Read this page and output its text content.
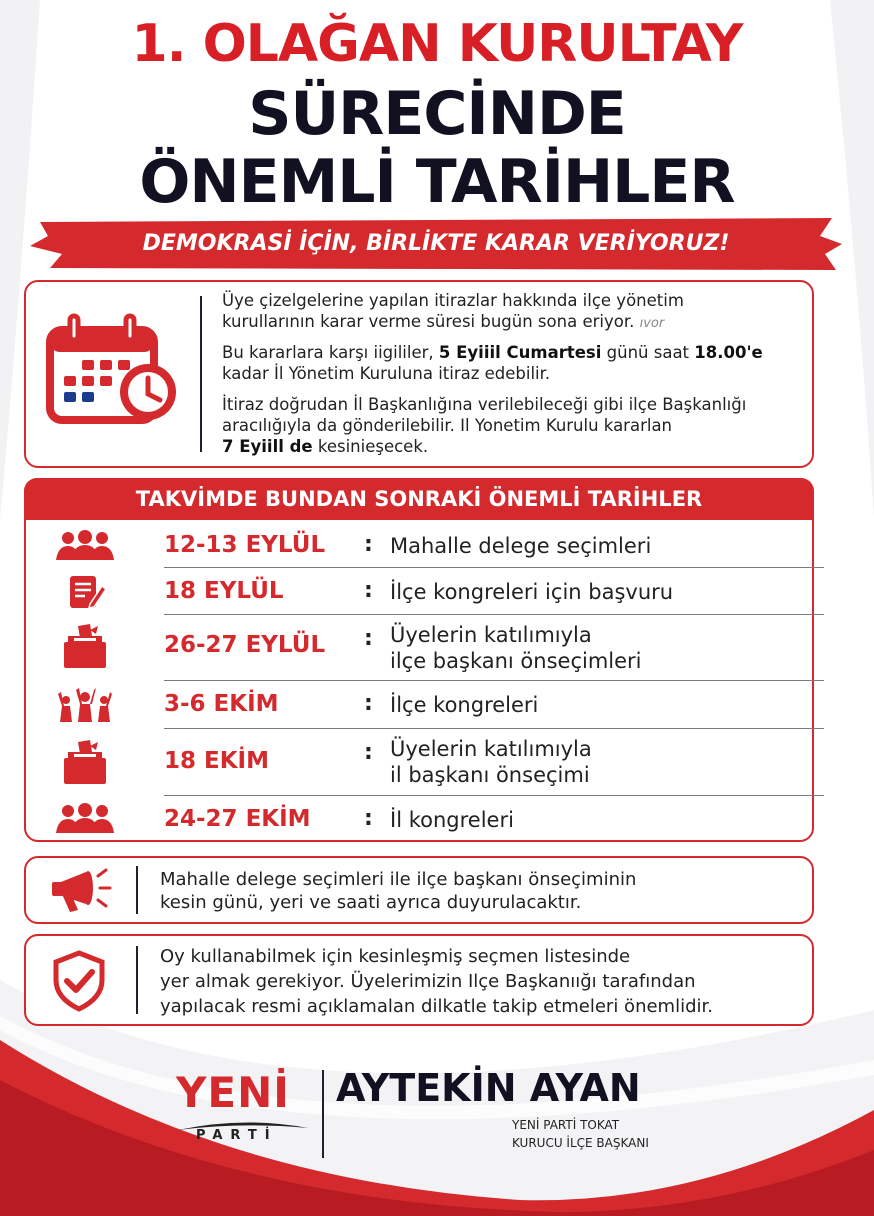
1. OLAĞAN KURULTAY
SÜRECİNDE
ÖNEMLİ TARİHLER
DEMOKRASİ İÇİN, BİRLİKTE KARAR VERİYORUZ!
Üye çizelgelerine yapılan itirazlar hakkında ilçe yönetim
kurullarının karar verme süresi bugün sona eriyor. ıvor
Bu kararlara karşı iigililer, 5 Eyiiil Cumartesi günü saat 18.00'e
kadar İl Yönetim Kuruluna itiraz edebilir.
İtiraz doğrudan İl Başkanlığına verilebileceği gibi ilçe Başkanlığı
aracılığıyla da gönderilebilir. Il Yonetim Kurulu kararlan
7 Eyiill de kesinieşecek.
TAKVİMDE BUNDAN SONRAKİ ÖNEMLİ TARİHLER
12-13 EYLÜL : Mahalle delege seçimleri
18 EYLÜL	: İlçe kongreleri için başvuru
26-27 EYLÜL : Üyelerin katılımıyla
ilçe başkanı önseçimleri
3-6 EKİM	: İlçe kongreleri
18 EKİM	: Üyelerin katılımıyla
il başkanı önseçimi
24-27 EKİM : İl kongreleri
Mahalle delege seçimleri ile ilçe başkanı önseçiminin
kesin günü, yeri ve saati ayrıca duyurulacaktır.
Oy kullanabilmek için kesinleşmiş seçmen listesinde
yer almak gerekiyor. Üyelerimizin Ilçe Başkanıığı tarafından
yapılacak resmi açıklamalan dilkatle takip etmeleri önemlidir.
YENİ
PARTİ
AYTEKİN AYAN
YENİ PARTİ TOKAT
KURUCU İLÇE BAŞKANI
